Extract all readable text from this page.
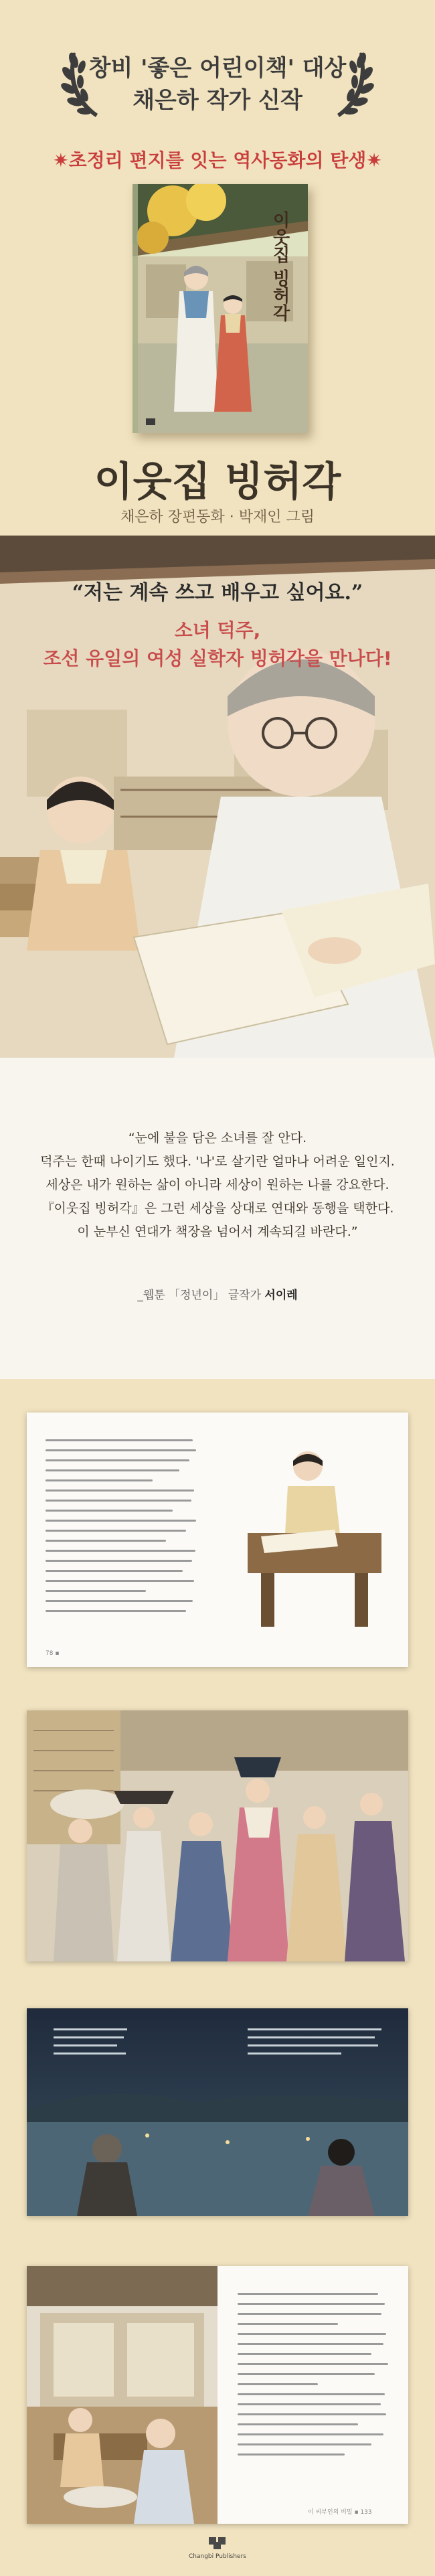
창비 '좋은 어린이책' 대상
채은하 작가 신작
✷초정리 편지를 잇는 역사동화의 탄생✷
이웃집 빙허각
이웃집 빙허각
채은하 장편동화 · 박재인 그림
“저는 계속 쓰고 배우고 싶어요.”
소녀 덕주,
조선 유일의 여성 실학자 빙허각을 만나다!
“눈에 불을 담은 소녀를 잘 안다.
덕주는 한때 나이기도 했다. '나'로 살기란 얼마나 어려운 일인지.
세상은 내가 원하는 삶이 아니라 세상이 원하는 나를 강요한다.
『이웃집 빙허각』은 그런 세상을 상대로 연대와 동행을 택한다.
이 눈부신 연대가 책장을 넘어서 계속되길 바란다.”
_웹툰 「정년이」 글작가 서이레
78 ▪
이 씨부인의 비밀 ▪ 133
Changbi Publishers
